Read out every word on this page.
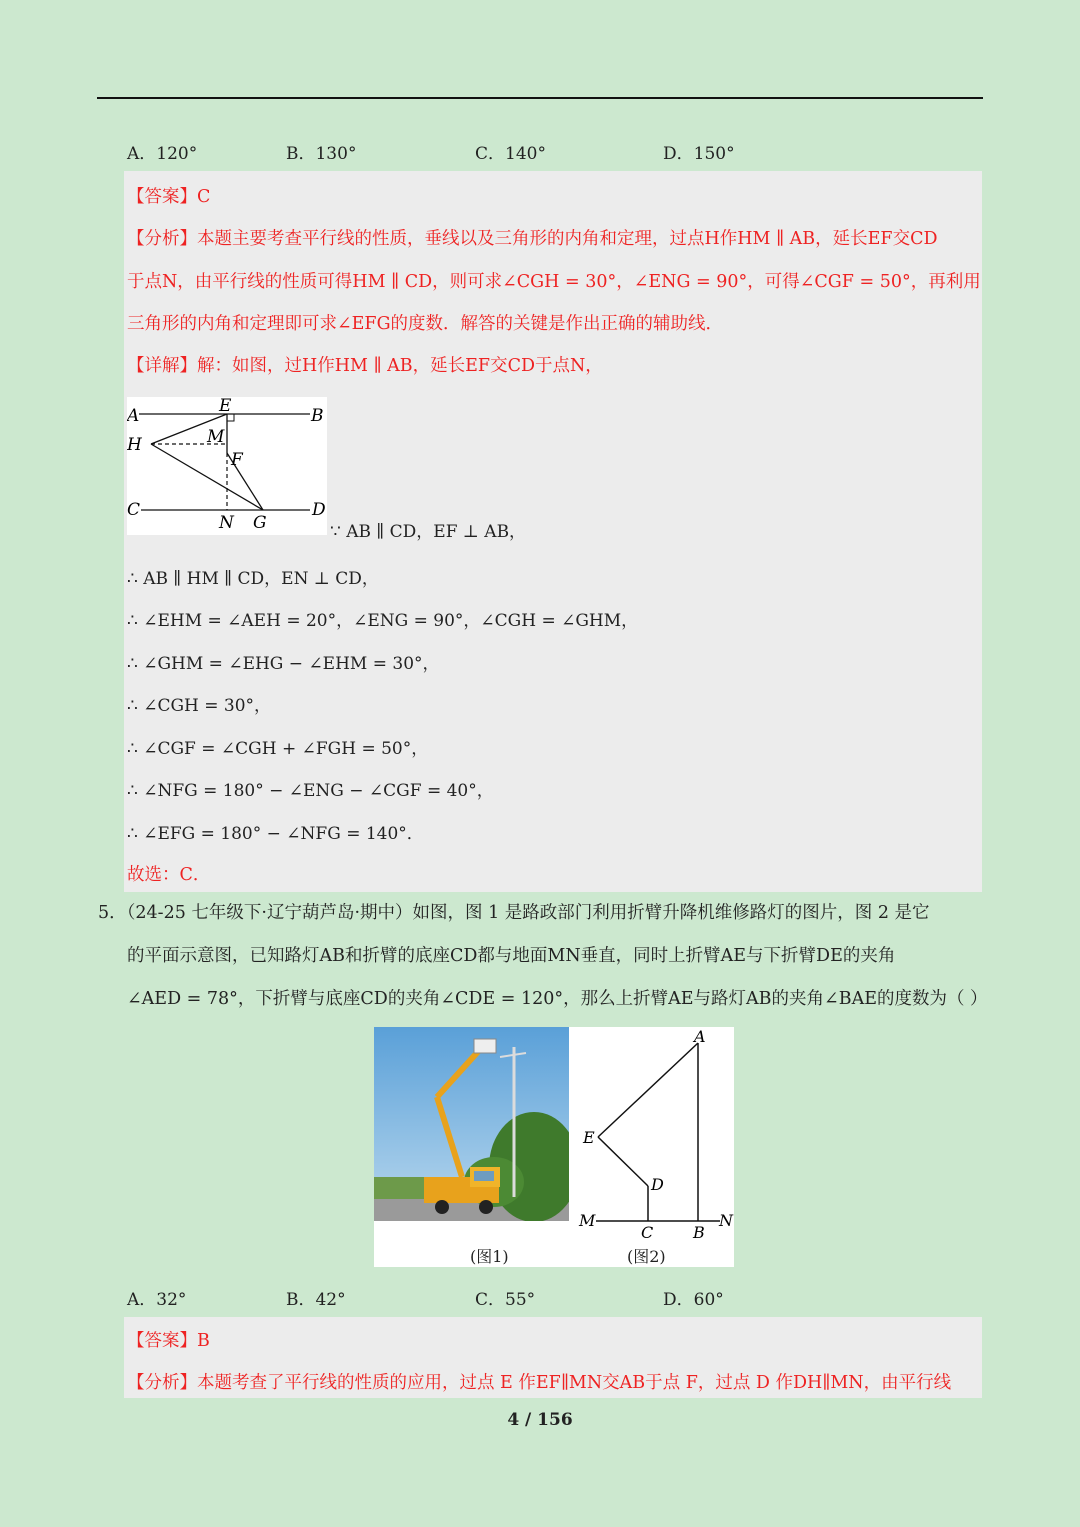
A．120°	B．130°	C．140°	D．150°
【答案】C
【分析】本题主要考查平行线的性质，垂线以及三角形的内角和定理，过点H作HM ∥ AB，延长EF交CD
于点N，由平行线的性质可得HM ∥ CD，则可求∠CGH = 30°，∠ENG = 90°，可得∠CGF = 50°，再利用
三角形的内角和定理即可求∠EFG的度数．解答的关键是作出正确的辅助线．
【详解】解：如图，过H作HM ∥ AB，延长EF交CD于点N，
A	E	B
M
H
F
C
N G
D
∵ AB ∥ CD，EF ⊥ AB，
∴ AB ∥ HM ∥ CD，EN ⊥ CD，
∴ ∠EHM = ∠AEH = 20°，∠ENG = 90°，∠CGH = ∠GHM，
∴ ∠GHM = ∠EHG − ∠EHM = 30°，
∴ ∠CGH = 30°，
∴ ∠CGF = ∠CGH + ∠FGH = 50°，
∴ ∠NFG = 180° − ∠ENG − ∠CGF = 40°，
∴ ∠EFG = 180° − ∠NFG = 140°．
故选：C．
5．（24-25 七年级下·辽宁葫芦岛·期中）如图，图 1 是路政部门利用折臂升降机维修路灯的图片，图 2 是它
的平面示意图，已知路灯AB和折臂的底座CD都与地面MN垂直，同时上折臂AE与下折臂DE的夹角
∠AED = 78°，下折臂与底座CD的夹角∠CDE = 120°，那么上折臂AE与路灯AB的夹角∠BAE的度数为（ ）
(图1)
A
E
D
M
C B
N
(图2)
A．32°	B．42°	C．55°	D．60°
【答案】B
【分析】本题考查了平行线的性质的应用，过点 E 作EF∥MN交AB于点 F，过点 D 作DH∥MN，由平行线
4 / 156
